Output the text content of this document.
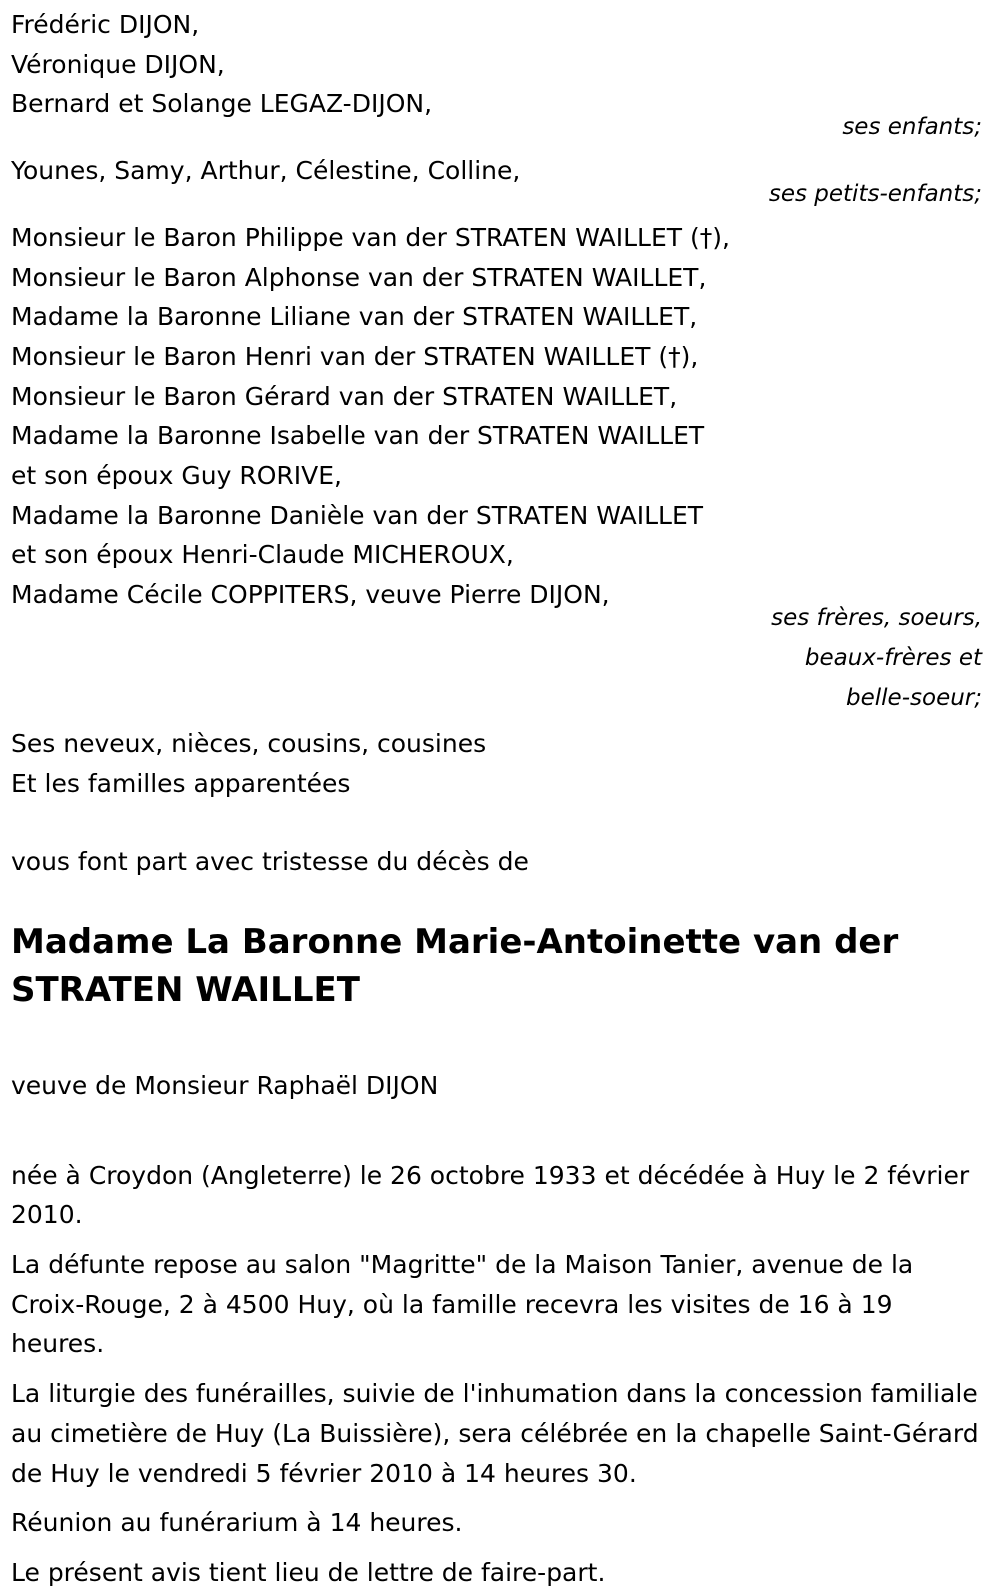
Frédéric DIJON,
Véronique DIJON,
Bernard et Solange LEGAZ-DIJON,
ses enfants;
Younes, Samy, Arthur, Célestine, Colline,
ses petits-enfants;
Monsieur le Baron Philippe van der STRATEN WAILLET (†),
Monsieur le Baron Alphonse van der STRATEN WAILLET,
Madame la Baronne Liliane van der STRATEN WAILLET,
Monsieur le Baron Henri van der STRATEN WAILLET (†),
Monsieur le Baron Gérard van der STRATEN WAILLET,
Madame la Baronne Isabelle van der STRATEN WAILLET
et son époux Guy RORIVE,
Madame la Baronne Danièle van der STRATEN WAILLET
et son époux Henri-Claude MICHEROUX,
Madame Cécile COPPITERS, veuve Pierre DIJON,
ses frères, soeurs,
beaux-frères et
belle-soeur;
Ses neveux, nièces, cousins, cousines
Et les familles apparentées
vous font part avec tristesse du décès de
Madame La Baronne Marie-Antoinette van der STRATEN WAILLET
veuve de Monsieur Raphaël DIJON

née à Croydon (Angleterre) le 26 octobre 1933 et décédée à Huy le 2 février 2010.

La défunte repose au salon "Magritte" de la Maison Tanier, avenue de la Croix-Rouge, 2 à 4500 Huy, où la famille recevra les visites de 16 à 19 heures.

La liturgie des funérailles, suivie de l'inhumation dans la concession familiale au cimetière de Huy (La Buissière), sera célébrée en la chapelle Saint-Gérard de Huy le vendredi 5 février 2010 à 14 heures 30.

Réunion au funérarium à 14 heures.

Le présent avis tient lieu de lettre de faire-part.
